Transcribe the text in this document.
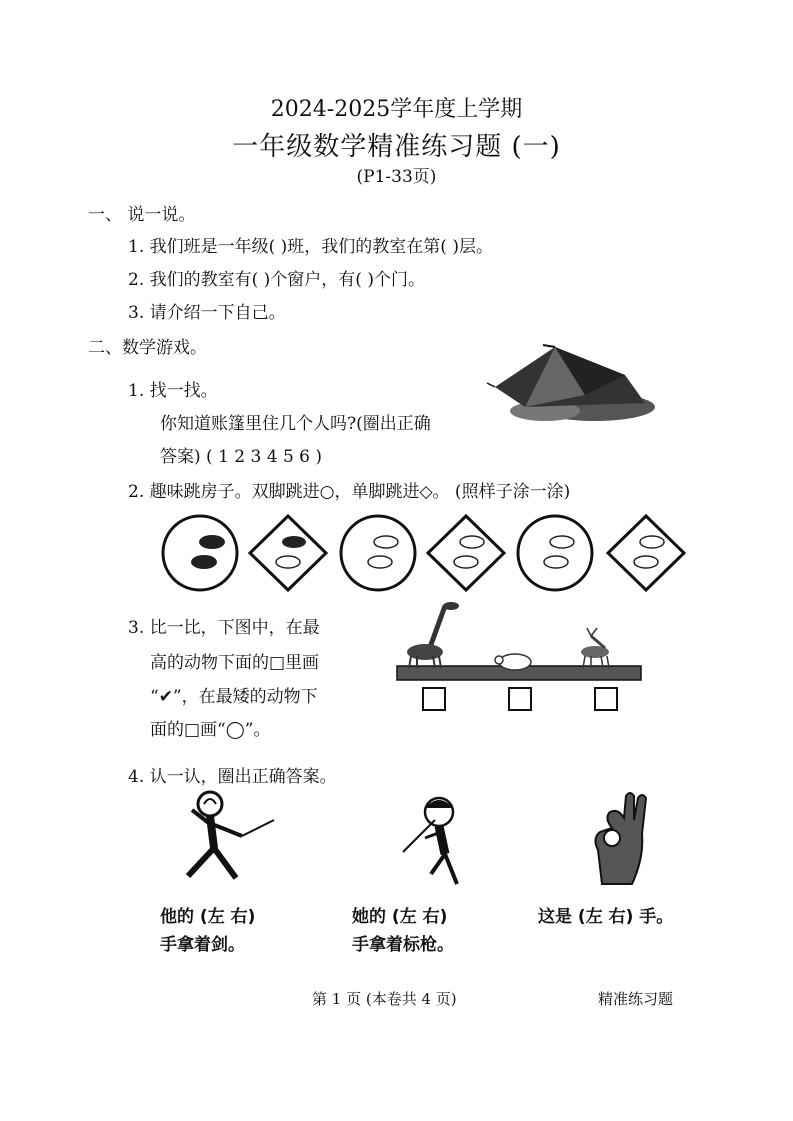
2024-2025学年度上学期
一年级数学精准练习题 (一)
(P1-33页)
一、 说一说。
1. 我们班是一年级( )班，我们的教室在第( )层。
2. 我们的教室有( )个窗户，有( )个门。
3. 请介绍一下自己。
二、数学游戏。
1. 找一找。
你知道账篷里住几个人吗?(圈出正确
答案) ( 1 2 3 4 5 6 )
2. 趣味跳房子。双脚跳进○，单脚跳进◇。 (照样子涂一涂)
3. 比一比，下图中，在最
高的动物下面的□里画
“✔”，在最矮的动物下
面的□画“◯”。
4. 认一认，圈出正确答案。
他的 (左 右)
手拿着剑。
她的 (左 右)
手拿着标枪。
这是 (左 右) 手。
第 1 页 (本卷共 4 页)	精准练习题
